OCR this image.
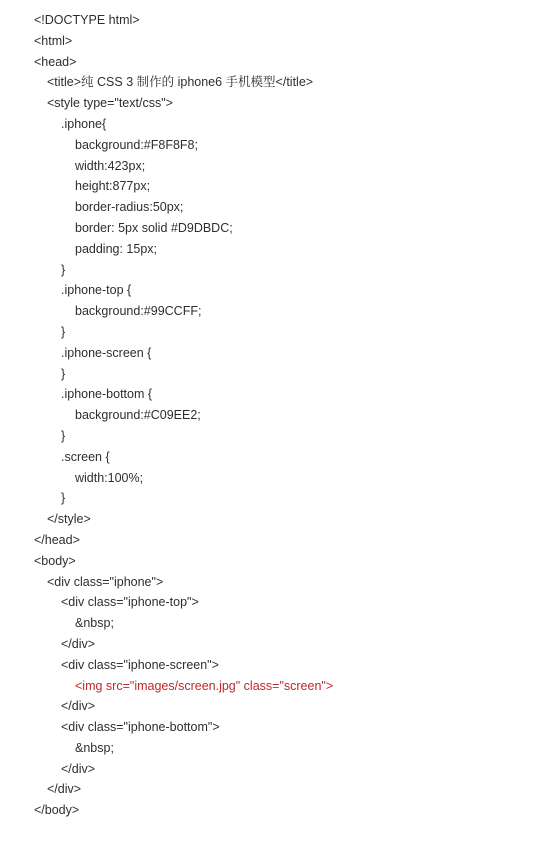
<!DOCTYPE html>
<html>
<head>
<title>纯 CSS 3 制作的 iphone6 手机模型</title>
<style type="text/css">
.iphone{
background:#F8F8F8;
width:423px;
height:877px;
border-radius:50px;
border: 5px solid #D9DBDC;
padding: 15px;
}
.iphone-top {
background:#99CCFF;
}
.iphone-screen {
}
.iphone-bottom {
background:#C09EE2;
}
.screen {
width:100%;
}
</style>
</head>
<body>
<div class="iphone">
<div class="iphone-top">
&nbsp;
</div>
<div class="iphone-screen">
<img src="images/screen.jpg" class="screen">
</div>
<div class="iphone-bottom">
&nbsp;
</div>
</div>
</body>
